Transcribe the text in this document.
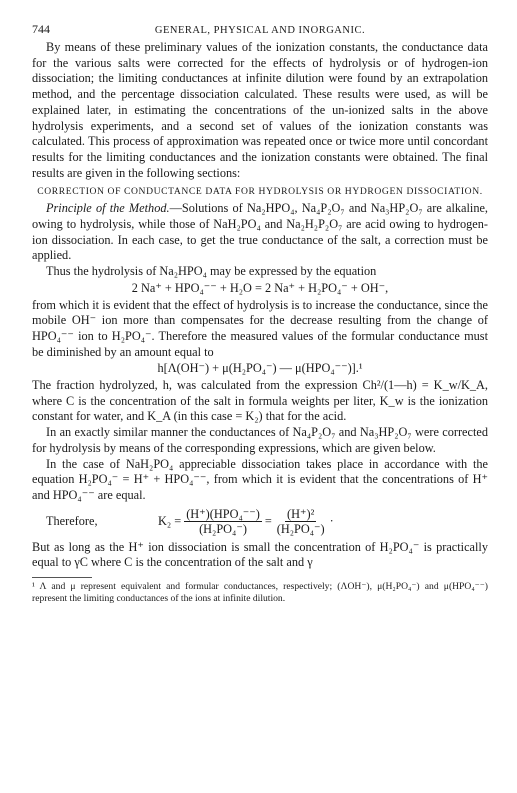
744	GENERAL, PHYSICAL AND INORGANIC.

By means of these preliminary values of the ionization constants, the conductance data for the various salts were corrected for the effects of hydrolysis or of hydrogen-ion dissociation; the limiting conductances at infinite dilution were found by an extrapolation method, and the percentage dissociation calculated. These results were used, as will be explained later, in estimating the concentrations of the un-ionized salts in the above hydrolysis experiments, and a second set of values of the ionization constants was calculated. This process of approximation was repeated once or twice more until concordant results for the limiting conductances and the ionization constants were obtained. The final results are given in the following sections:

CORRECTION OF CONDUCTANCE DATA FOR HYDROLYSIS OR HYDROGEN DISSOCIATION.

Principle of the Method.—Solutions of Na₂HPO₄, Na₄P₂O₇ and Na₃HP₂O₇ are alkaline, owing to hydrolysis, while those of NaH₂PO₄ and Na₂H₂P₂O₇ are acid owing to hydrogen-ion dissociation. In each case, to get the true conductance of the salt, a correction must be applied.

Thus the hydrolysis of Na₂HPO₄ may be expressed by the equation

2 Na⁺ + HPO₄⁻⁻ + H₂O = 2 Na⁺ + H₂PO₄⁻ + OH⁻,

from which it is evident that the effect of hydrolysis is to increase the conductance, since the mobile OH⁻ ion more than compensates for the decrease resulting from the change of HPO₄⁻⁻ ion to H₂PO₄⁻. Therefore the measured values of the formular conductance must be diminished by an amount equal to

h[Λ(OH⁻) + μ(H₂PO₄⁻) — μ(HPO₄⁻⁻)].¹

The fraction hydrolyzed, h, was calculated from the expression Ch²/(1—h) = K_w/K_A, where C is the concentration of the salt in formula weights per liter, K_w is the ionization constant for water, and K_A (in this case = K₂) that for the acid.

In an exactly similar manner the conductances of Na₄P₂O₇ and Na₃HP₂O₇ were corrected for hydrolysis by means of the corresponding expressions, which are given below.

In the case of NaH₂PO₄ appreciable dissociation takes place in accordance with the equation H₂PO₄⁻ = H⁺ + HPO₄⁻⁻, from which it is evident that the concentrations of H⁺ and HPO₄⁻⁻ are equal.

Therefore,	$K_2 = \frac{\text{(H⁺)(HPO₄⁻⁻)}}{\text{(H₂PO₄⁻)}} = \frac{\text{(H⁺)²}}{\text{(H₂PO₄⁻)}}$ ·

But as long as the H⁺ ion dissociation is small the concentration of H₂PO₄⁻ is practically equal to γC where C is the concentration of the salt and γ

¹ Λ and μ represent equivalent and formular conductances, respectively; (ΛOH⁻), μ(H₂PO₄⁻) and μ(HPO₄⁻⁻) represent the limiting conductances of the ions at infinite dilution.
